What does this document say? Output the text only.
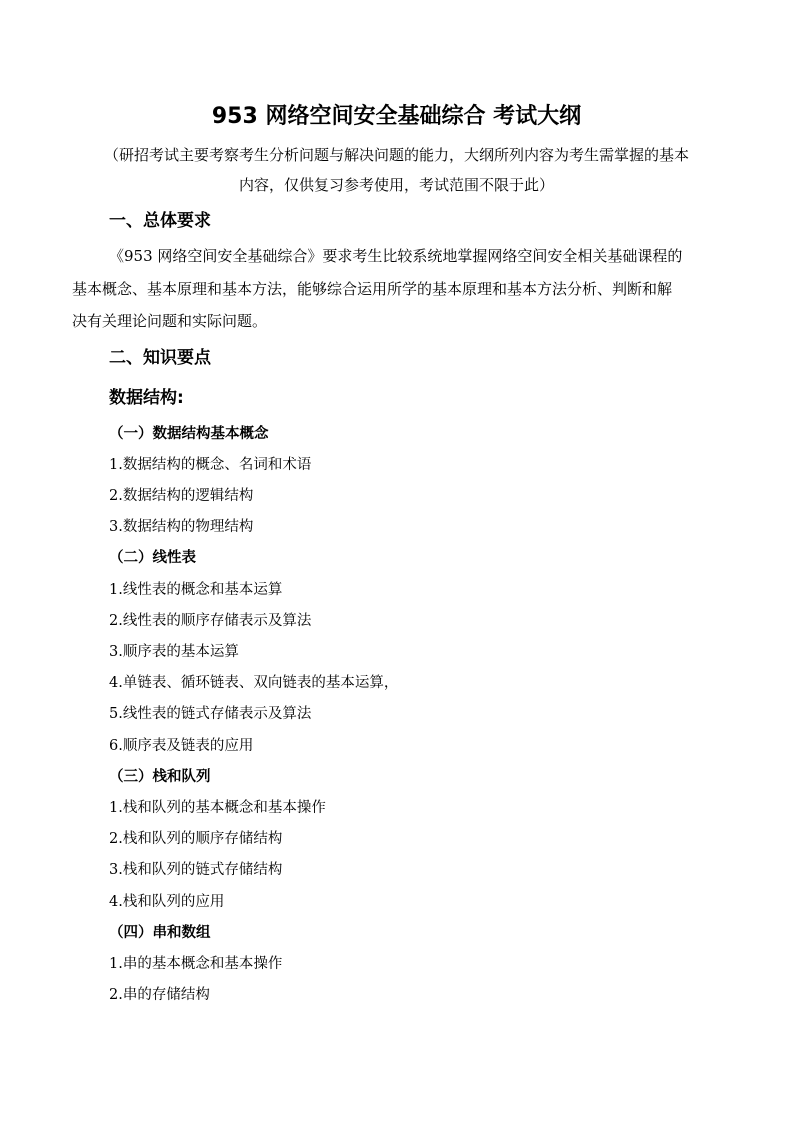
953 网络空间安全基础综合 考试大纲

（研招考试主要考察考生分析问题与解决问题的能力，大纲所列内容为考生需掌握的基本

内容，仅供复习参考使用，考试范围不限于此）

一、总体要求

《953 网络空间安全基础综合》要求考生比较系统地掌握网络空间安全相关基础课程的

基本概念、基本原理和基本方法，能够综合运用所学的基本原理和基本方法分析、判断和解

决有关理论问题和实际问题。

二、知识要点
数据结构:
（一）数据结构基本概念

1.数据结构的概念、名词和术语

2.数据结构的逻辑结构

3.数据结构的物理结构

（二）线性表

1.线性表的概念和基本运算

2.线性表的顺序存储表示及算法

3.顺序表的基本运算

4.单链表、循环链表、双向链表的基本运算，

5.线性表的链式存储表示及算法

6.顺序表及链表的应用

（三）栈和队列

1.栈和队列的基本概念和基本操作

2.栈和队列的顺序存储结构

3.栈和队列的链式存储结构

4.栈和队列的应用

（四）串和数组

1.串的基本概念和基本操作

2.串的存储结构
